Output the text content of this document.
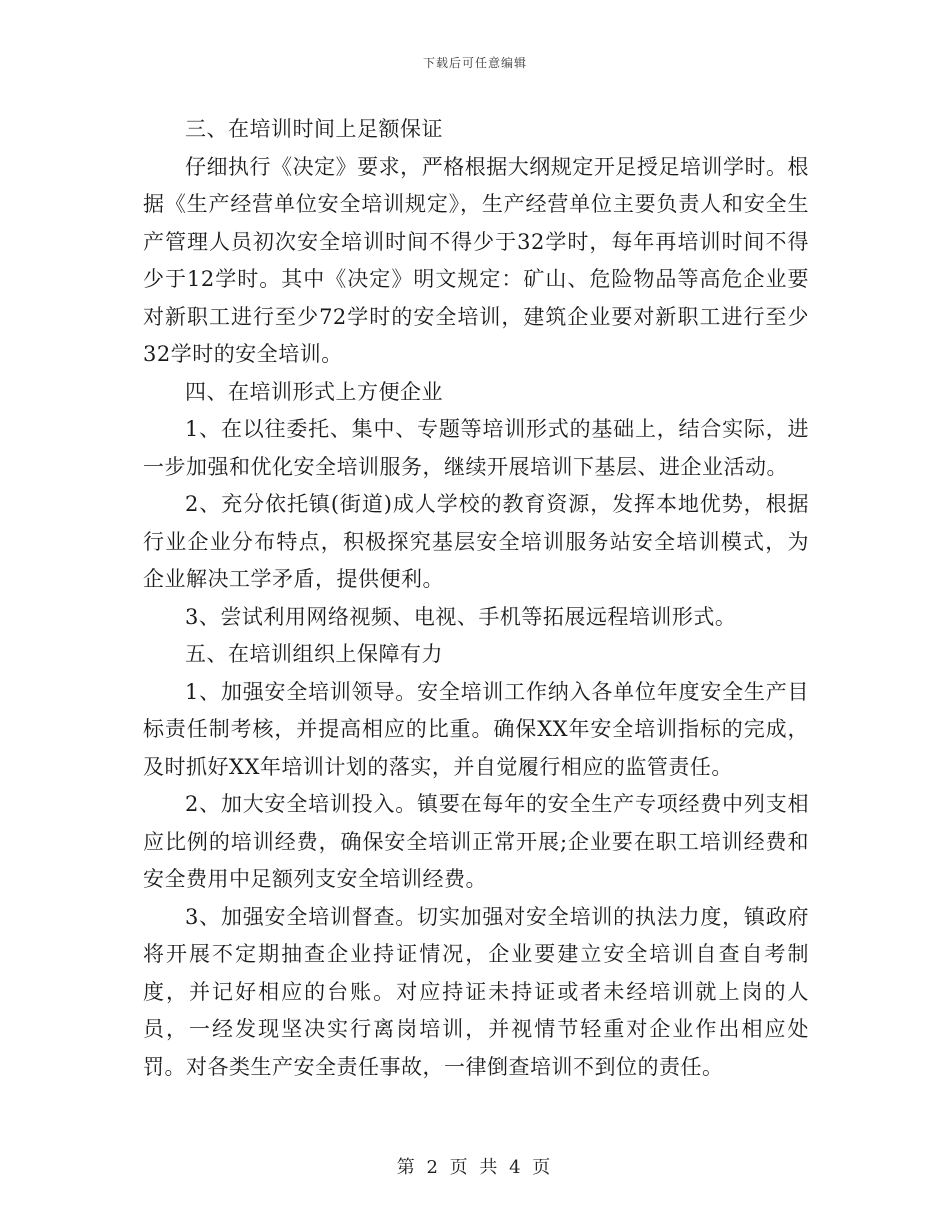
下载后可任意编辑

三、在培训时间上足额保证

仔细执行《决定》要求，严格根据大纲规定开足授足培训学时。根据《生产经营单位安全培训规定》，生产经营单位主要负责人和安全生产管理人员初次安全培训时间不得少于32学时，每年再培训时间不得少于12学时。其中《决定》明文规定：矿山、危险物品等高危企业要对新职工进行至少72学时的安全培训，建筑企业要对新职工进行至少32学时的安全培训。

四、在培训形式上方便企业

1、在以往委托、集中、专题等培训形式的基础上，结合实际，进一步加强和优化安全培训服务，继续开展培训下基层、进企业活动。

2、充分依托镇(街道)成人学校的教育资源，发挥本地优势，根据行业企业分布特点，积极探究基层安全培训服务站安全培训模式，为企业解决工学矛盾，提供便利。

3、尝试利用网络视频、电视、手机等拓展远程培训形式。

五、在培训组织上保障有力

1、加强安全培训领导。安全培训工作纳入各单位年度安全生产目标责任制考核，并提高相应的比重。确保XX年安全培训指标的完成，及时抓好XX年培训计划的落实，并自觉履行相应的监管责任。

2、加大安全培训投入。镇要在每年的安全生产专项经费中列支相应比例的培训经费，确保安全培训正常开展;企业要在职工培训经费和安全费用中足额列支安全培训经费。

3、加强安全培训督查。切实加强对安全培训的执法力度，镇政府将开展不定期抽查企业持证情况，企业要建立安全培训自查自考制度，并记好相应的台账。对应持证未持证或者未经培训就上岗的人员，一经发现坚决实行离岗培训，并视情节轻重对企业作出相应处罚。对各类生产安全责任事故，一律倒查培训不到位的责任。

第 2 页 共 4 页
